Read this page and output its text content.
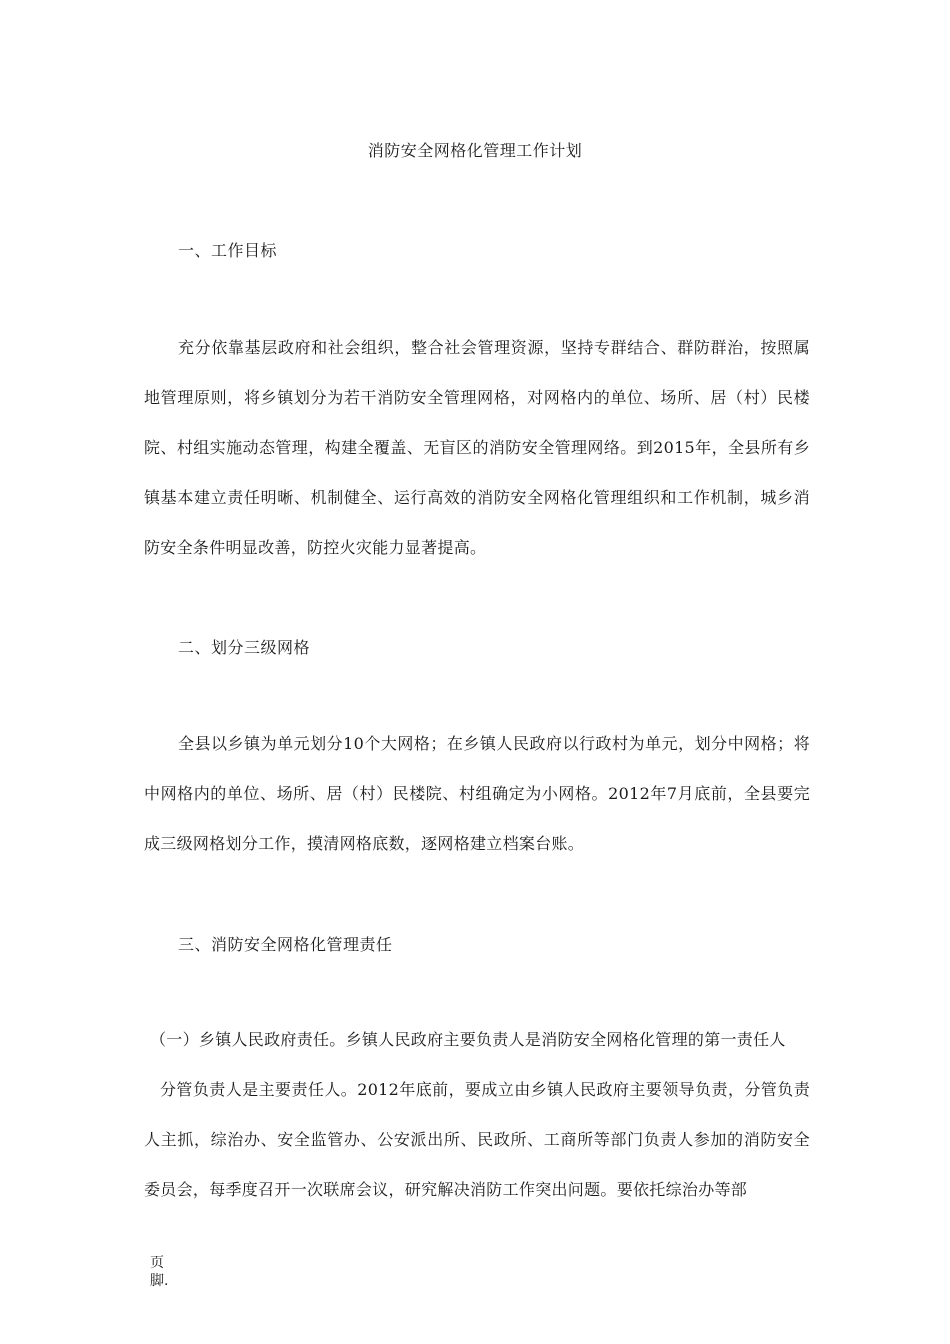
消防安全网格化管理工作计划
一、工作目标
充分依靠基层政府和社会组织，整合社会管理资源，坚持专群结合、群防群治，按照属地管理原则，将乡镇划分为若干消防安全管理网格，对网格内的单位、场所、居（村）民楼院、村组实施动态管理，构建全覆盖、无盲区的消防安全管理网络。到2015年，全县所有乡镇基本建立责任明晰、机制健全、运行高效的消防安全网格化管理组织和工作机制，城乡消防安全条件明显改善，防控火灾能力显著提高。
二、划分三级网格
全县以乡镇为单元划分10个大网格；在乡镇人民政府以行政村为单元，划分中网格；将中网格内的单位、场所、居（村）民楼院、村组确定为小网格。2012年7月底前，全县要完成三级网格划分工作，摸清网格底数，逐网格建立档案台账。
三、消防安全网格化管理责任
（一）乡镇人民政府责任。乡镇人民政府主要负责人是消防安全网格化管理的第一责任人
分管负责人是主要责任人。2012年底前，要成立由乡镇人民政府主要领导负责，分管负责人主抓，综治办、安全监管办、公安派出所、民政所、工商所等部门负责人参加的消防安全委员会，每季度召开一次联席会议，研究解决消防工作突出问题。要依托综治办等部
页
脚.
